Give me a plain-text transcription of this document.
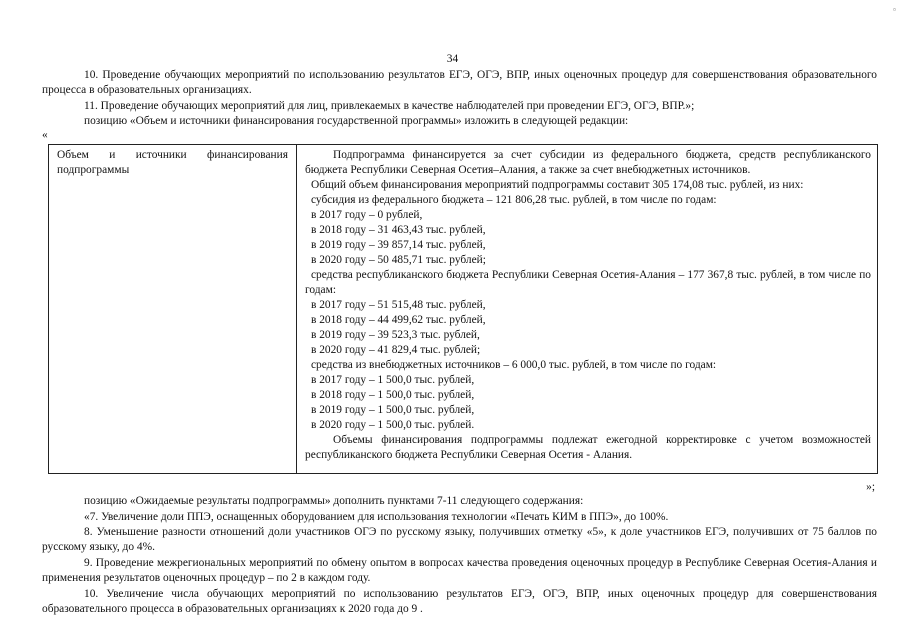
▫
34

10. Проведение обучающих мероприятий по использованию результатов ЕГЭ, ОГЭ, ВПР, иных оценочных процедур для совершенствования образовательного процесса в образовательных организациях.

11. Проведение обучающих мероприятий для лиц, привлекаемых в качестве наблюдателей при проведении ЕГЭ, ОГЭ, ВПР.»;

позицию «Объем и источники финансирования государственной программы» изложить в следующей редакции:

«

Объем и источники финансирования подпрограммы

Подпрограмма финансируется за счет субсидии из федерального бюджета, средств республиканского бюджета Республики Северная Осетия–Алания, а также за счет внебюджетных источников.

Общий объем финансирования мероприятий подпрограммы составит 305 174,08 тыс. рублей, из них:

субсидия из федерального бюджета – 121 806,28 тыс. рублей, в том числе по годам:

в 2017 году – 0 рублей,

в 2018 году – 31 463,43 тыс. рублей,

в 2019 году – 39 857,14 тыс. рублей,

в 2020 году – 50 485,71 тыс. рублей;

средства республиканского бюджета Республики Северная Осетия-Алания – 177 367,8 тыс. рублей, в том числе по годам:

в 2017 году – 51 515,48 тыс. рублей,

в 2018 году – 44 499,62 тыс. рублей,

в 2019 году – 39 523,3 тыс. рублей,

в 2020 году – 41 829,4 тыс. рублей;

средства из внебюджетных источников – 6 000,0 тыс. рублей, в том числе по годам:

в 2017 году – 1 500,0 тыс. рублей,

в 2018 году – 1 500,0 тыс. рублей,

в 2019 году – 1 500,0 тыс. рублей,

в 2020 году – 1 500,0 тыс. рублей.

Объемы финансирования подпрограммы подлежат ежегодной корректировке с учетом возможностей республиканского бюджета Республики Северная Осетия - Алания.

»;

позицию «Ожидаемые результаты подпрограммы» дополнить пунктами 7-11 следующего содержания:

«7. Увеличение доли ППЭ, оснащенных оборудованием для использования технологии «Печать КИМ в ППЭ», до 100%.

8. Уменьшение разности отношений доли участников ОГЭ по русскому языку, получивших отметку «5», к доле участников ЕГЭ, получивших от 75 баллов по русскому языку, до 4%.

9. Проведение межрегиональных мероприятий по обмену опытом в вопросах качества проведения оценочных процедур в Республике Северная Осетия-Алания и применения результатов оценочных процедур – по 2 в каждом году.

10. Увеличение числа обучающих мероприятий по использованию результатов ЕГЭ, ОГЭ, ВПР, иных оценочных процедур для совершенствования образовательного процесса в образовательных организациях к 2020 года до 9 .
